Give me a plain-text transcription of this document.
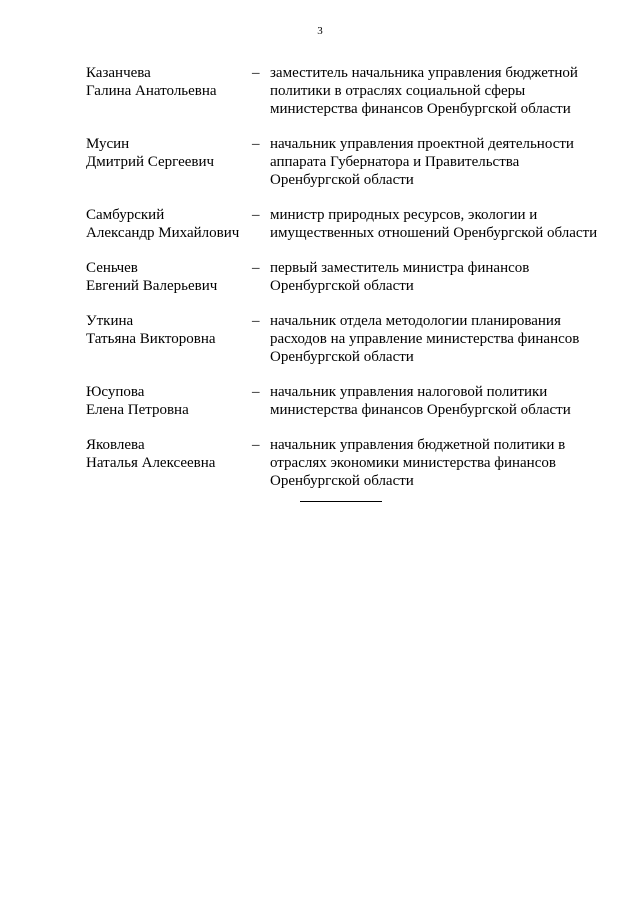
3
Казанчева
Галина Анатольевна
– заместитель начальника управления бюджетной политики в отраслях социальной сферы министерства финансов Оренбургской области
Мусин
Дмитрий Сергеевич
– начальник управления проектной деятельности аппарата Губернатора и Правительства Оренбургской области
Самбурский
Александр Михайлович
– министр природных ресурсов, экологии и имущественных отношений Оренбургской области
Сеньчев
Евгений Валерьевич
– первый заместитель министра финансов Оренбургской области
Уткина
Татьяна Викторовна
– начальник отдела методологии планирования расходов на управление министерства финансов Оренбургской области
Юсупова
Елена Петровна
– начальник управления налоговой политики министерства финансов Оренбургской области
Яковлева
Наталья Алексеевна
– начальник управления бюджетной политики в отраслях экономики министерства финансов Оренбургской области
